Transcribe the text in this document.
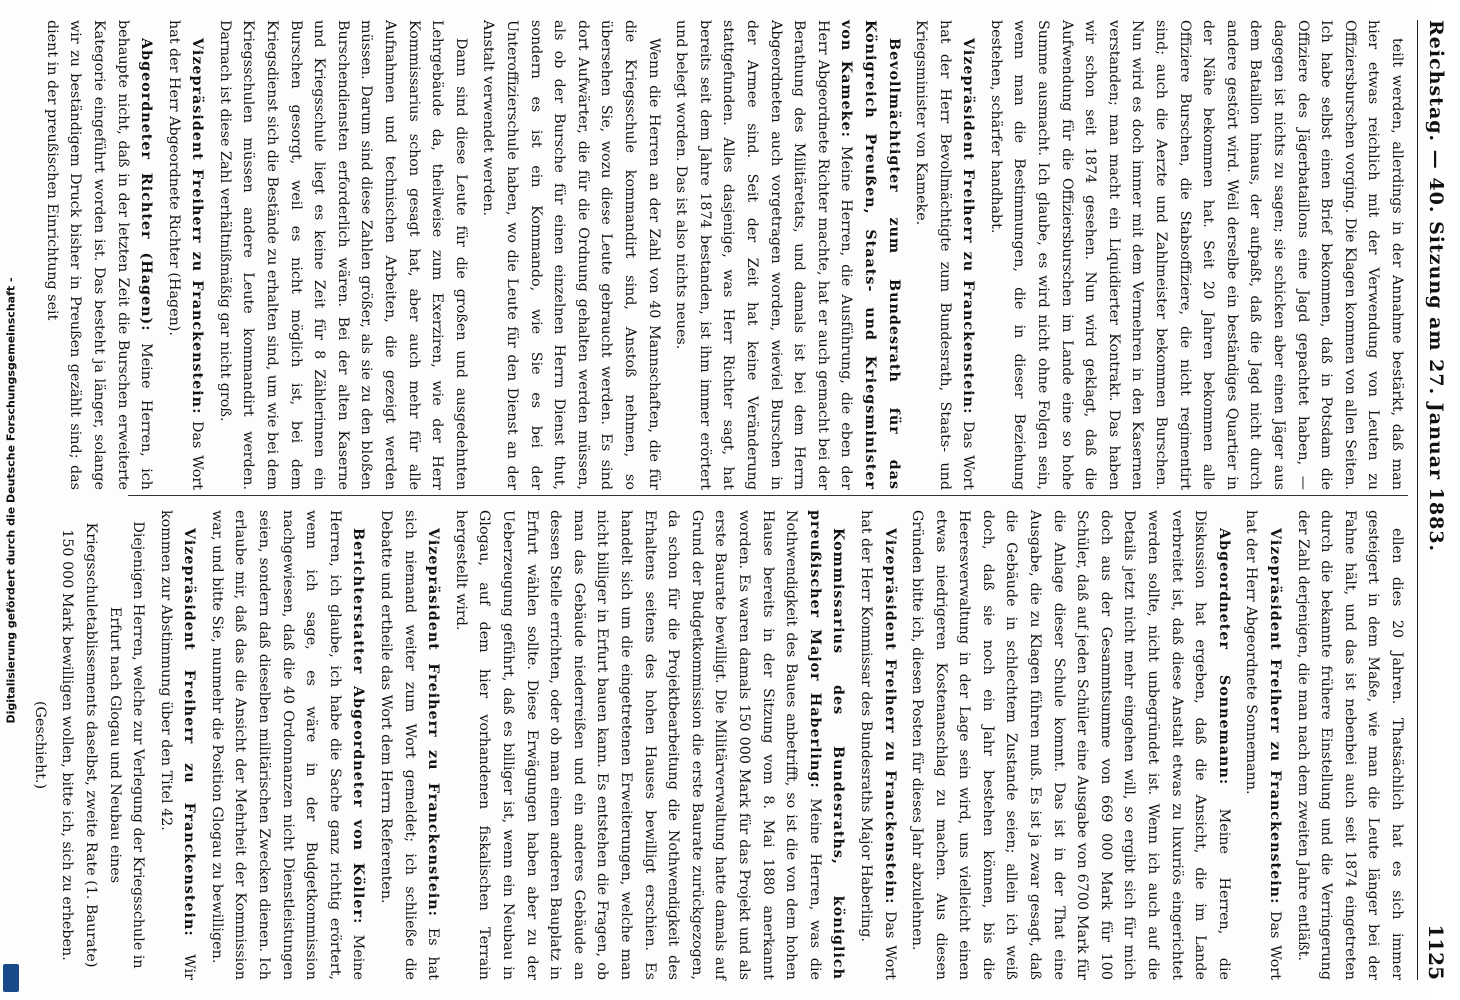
Digitalisierung gefördert durch die Deutsche Forschungsgemeinschaft -	Reichstag. — 40. Sitzung am 27. Januar 1883.
1125

teilt werden, allerdings in der Annahme bestärkt, daß man hier etwas reichlich mit der Verwendung von Leuten zu Offiziersburschen vorging. Die Klagen kommen von allen Seiten. Ich habe selbst einen Brief bekommen, daß in Potsdam die Offiziere des Jägerbataillons eine Jagd gepachtet haben, — dagegen ist nichts zu sagen; sie schicken aber einen Jäger aus dem Bataillon hinaus, der aufpaßt, daß die Jagd nicht durch andere gestört wird. Weil derselbe ein beständiges Quartier in der Nähe bekommen hat. Seit 20 Jahren bekommen alle Offiziere Burschen, die Stabsoffiziere, die nicht regimentirt sind; auch die Aerzte und Zahlmeister bekommen Burschen. Nun wird es doch immer mit dem Vermehren in den Kasernen verstanden; man macht ein Liquidierter Kontrakt. Das haben wir schon seit 1874 gesehen. Nun wird geklagt, daß die Aufwendung für die Offiziersburschen im Lande eine so hohe Summe ausmacht. Ich glaube, es wird nicht ohne Folgen sein, wenn man die Bestimmungen, die in dieser Beziehung bestehen, schärfer handhabt.

Vizepräsident Freiherr zu Franckenstein: Das Wort hat der Herr Bevollmächtigte zum Bundesrath, Staats- und Kriegsminister von Kameke.

Bevollmächtigter zum Bundesrath für das Königreich Preußen, Staats- und Kriegsminister von Kameke: Meine Herren, die Ausführung, die eben der Herr Abgeordnete Richter machte, hat er auch gemacht bei der Berathung des Militäretats, und damals ist bei dem Herrn Abgeordneten auch vorgetragen worden, wieviel Burschen in der Armee sind. Seit der Zeit hat keine Veränderung stattgefunden. Alles dasjenige, was Herr Richter sagt, hat bereits seit dem Jahre 1874 bestanden, ist ihm immer erörtert und belegt worden. Das ist also nichts neues.

Wenn die Herren an der Zahl von 40 Mannschaften, die für die Kriegsschule kommandirt sind, Anstoß nehmen, so übersehen Sie, wozu diese Leute gebraucht werden. Es sind dort Aufwärter, die für die Ordnung gehalten werden müssen, als ob der Bursche für einen einzelnen Herrn Dienst thut, sondern es ist ein Kommando, wie Sie es bei der Unteroffizierschule haben, wo die Leute für den Dienst an der Anstalt verwendet werden.

Dann sind diese Leute für die großen und ausgedehnten Lehrgebäude da, theilweise zum Exerziren, wie der Herr Kommissarius schon gesagt hat, aber auch mehr für alle Aufnahmen und technischen Arbeiten, die gezeigt werden müssen. Darum sind diese Zahlen größer, als sie zu den bloßen Burschendiensten erforderlich wären. Bei der alten Kaserne und Kriegsschule liegt es keine Zeit für 8 Zählerinnen ein Burschen gesorgt, weil es nicht möglich ist, bei dem Kriegsdienst sich die Bestände zu erhalten sind, um wie bei dem Kriegsschulen müssen andere Leute kommandirt werden. Darnach ist diese Zahl verhältnißmäßig gar nicht groß.

Vizepräsident Freiherr zu Franckenstein: Das Wort hat der Herr Abgeordnete Richter (Hagen).

Abgeordneter Richter (Hagen): Meine Herren, ich behaupte nicht, daß in der letzten Zeit die Burschen erweiterte Kategorie eingeführt worden ist. Das besteht ja länger, solange wir zu beständigem Druck bisher in Preußen gezählt sind; das dient in der preußischen Einrichtung seit

ellen dies 20 Jahren. Thatsächlich hat es sich immer gesteigert in dem Maße, wie man die Leute länger bei der Fahne hält, und das ist nebenbei auch seit 1874 eingetreten durch die bekannte frühere Einstellung und die Verringerung der Zahl derjenigen, die man nach dem zweiten Jahre entläßt.

Vizepräsident Freiherr zu Franckenstein: Das Wort hat der Herr Abgeordnete Sonnemann.

Abgeordneter Sonnemann: Meine Herren, die Diskussion hat ergeben, daß die Ansicht, die im Lande verbreitet ist, daß diese Anstalt etwas zu luxuriös eingerichtet werden sollte, nicht unbegründet ist. Wenn ich auch auf die Details jetzt nicht mehr eingehen will, so ergibt sich für mich doch aus der Gesammtsumme von 669 000 Mark für 100 Schüler, daß auf jeden Schüler eine Ausgabe von 6700 Mark für die Anlage dieser Schule kommt. Das ist in der That eine Ausgabe, die zu Klagen führen muß. Es ist ja zwar gesagt, daß die Gebäude in schlechtem Zustande seien; allein ich weiß doch, daß sie noch ein Jahr bestehen können, bis die Heeresverwaltung in der Lage sein wird, uns vielleicht einen etwas niedrigeren Kostenanschlag zu machen. Aus diesen Gründen bitte ich, diesen Posten für dieses Jahr abzulehnen.

Vizepräsident Freiherr zu Franckenstein: Das Wort hat der Herr Kommissar des Bundesraths Major Haberling.

Kommissarius des Bundesraths, königlich preußischer Major Haberling: Meine Herren, was die Nothwendigkeit des Baues anbetrifft, so ist die von dem hohen Hause bereits in der Sitzung vom 8. Mai 1880 anerkannt worden. Es waren damals 150 000 Mark für das Projekt und als erste Baurate bewilligt. Die Militärverwaltung hatte damals auf Grund der Budgetkommission die erste Baurate zurückgezogen, da schon für die Projektbearbeitung die Nothwendigkeit des Erhaltens seitens des hohen Hauses bewilligt erschien. Es handelt sich um die eingetretenen Erweiterungen, welche man nicht billiger in Erfurt bauen kann. Es entstehen die Fragen, ob man das Gebäude niederreißen und ein anderes Gebäude an dessen Stelle errichten, oder ob man einen anderen Bauplatz in Erfurt wählen sollte. Diese Erwägungen haben aber zu der Ueberzeugung geführt, daß es billiger ist, wenn ein Neubau in Glogau, auf dem hier vorhandenen fiskalischen Terrain hergestellt wird.

Vizepräsident Freiherr zu Franckenstein: Es hat sich niemand weiter zum Wort gemeldet; ich schließe die Debatte und ertheile das Wort dem Herrn Referenten.

Berichterstatter Abgeordneter von Köller: Meine Herren, ich glaube, ich habe die Sache ganz richtig erörtert, wenn ich sage, es wäre in der Budgetkommission nachgewiesen, daß die 40 Ordonnanzen nicht Dienstleistungen seien, sondern daß dieselben militärischen Zwecken dienen. Ich erlaube mir, daß das die Ansicht der Mehrheit der Kommission war, und bitte Sie, nunmehr die Position Glogau zu bewilligen.

Vizepräsident Freiherr zu Franckenstein: Wir kommen zur Abstimmung über den Titel 42.

Diejenigen Herren, welche zur Verlegung der Kriegsschule in Erfurt nach Glogau und Neubau eines Kriegsschuletablissements daselbst, zweite Rate (1. Baurate) 150 000 Mark bewilligen wollen, bitte ich, sich zu erheben.

(Geschieht.)
